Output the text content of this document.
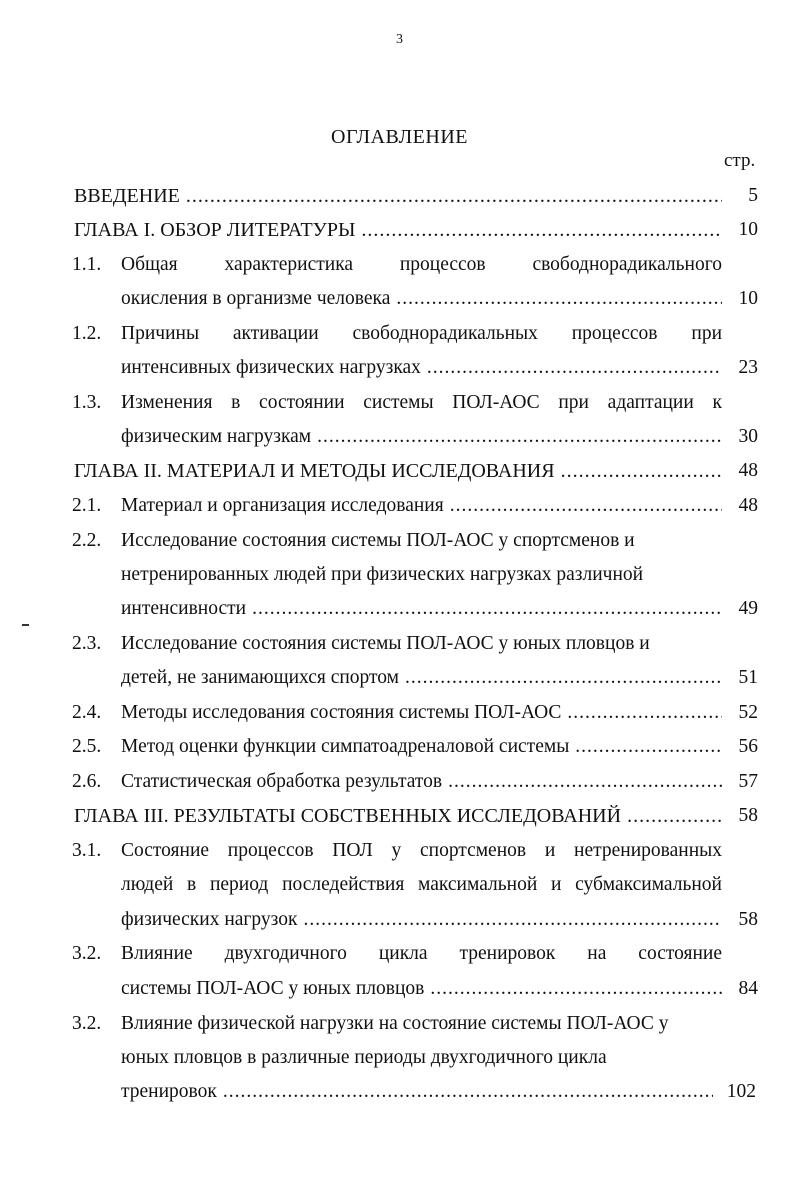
3
ОГЛАВЛЕНИЕ
стр.
ВВЕДЕНИЕ .....	5
ГЛАВА I. ОБЗОР ЛИТЕРАТУРЫ .....	10
1.1. Общая характеристика процессов свободнорадикального
окисления в организме человека .....	10
1.2. Причины активации свободнорадикальных процессов при
интенсивных физических нагрузках .....	23
1.3. Изменения в состоянии системы ПОЛ-АОС при адаптации к
физическим нагрузкам .....	30
ГЛАВА II. МАТЕРИАЛ И МЕТОДЫ ИССЛЕДОВАНИЯ .....	48
2.1. Материал и организация исследования .....	48
2.2. Исследование состояния системы ПОЛ-АОС у спортсменов и
нетренированных людей при физических нагрузках различной
интенсивности .....	49
2.3. Исследование состояния системы ПОЛ-АОС у юных пловцов и
детей, не занимающихся спортом .....	51
2.4. Методы исследования состояния системы ПОЛ-АОС .....	52
2.5. Метод оценки функции симпатоадреналовой системы .....	56
2.6. Статистическая обработка результатов .....	57
ГЛАВА III. РЕЗУЛЬТАТЫ СОБСТВЕННЫХ ИССЛЕДОВАНИЙ .....	58
3.1. Состояние процессов ПОЛ у спортсменов и нетренированных
людей в период последействия максимальной и субмаксимальной
физических нагрузок .....	58
3.2. Влияние двухгодичного цикла тренировок на состояние
системы ПОЛ-АОС у юных пловцов .....	84
3.2. Влияние физической нагрузки на состояние системы ПОЛ-АОС у
юных пловцов в различные периоды двухгодичного цикла
тренировок .....	102
